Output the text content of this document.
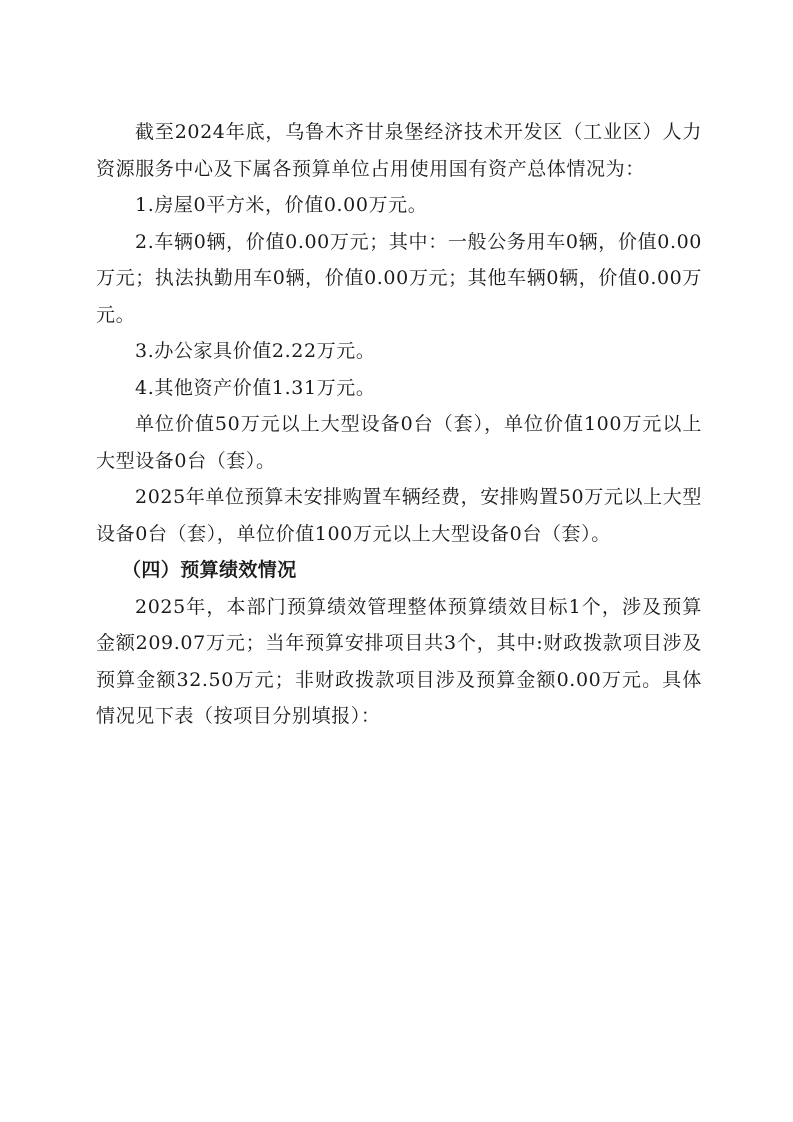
截至2024年底，乌鲁木齐甘泉堡经济技术开发区（工业区）人力资源服务中心及下属各预算单位占用使用国有资产总体情况为：

1.房屋0平方米，价值0.00万元。

2.车辆0辆，价值0.00万元；其中：一般公务用车0辆，价值0.00万元；执法执勤用车0辆，价值0.00万元；其他车辆0辆，价值0.00万元。

3.办公家具价值2.22万元。

4.其他资产价值1.31万元。

单位价值50万元以上大型设备0台（套），单位价值100万元以上大型设备0台（套）。

2025年单位预算未安排购置车辆经费，安排购置50万元以上大型设备0台（套），单位价值100万元以上大型设备0台（套）。

（四）预算绩效情况

2025年，本部门预算绩效管理整体预算绩效目标1个，涉及预算金额209.07万元；当年预算安排项目共3个，其中:财政拨款项目涉及预算金额32.50万元；非财政拨款项目涉及预算金额0.00万元。具体情况见下表（按项目分别填报）：
